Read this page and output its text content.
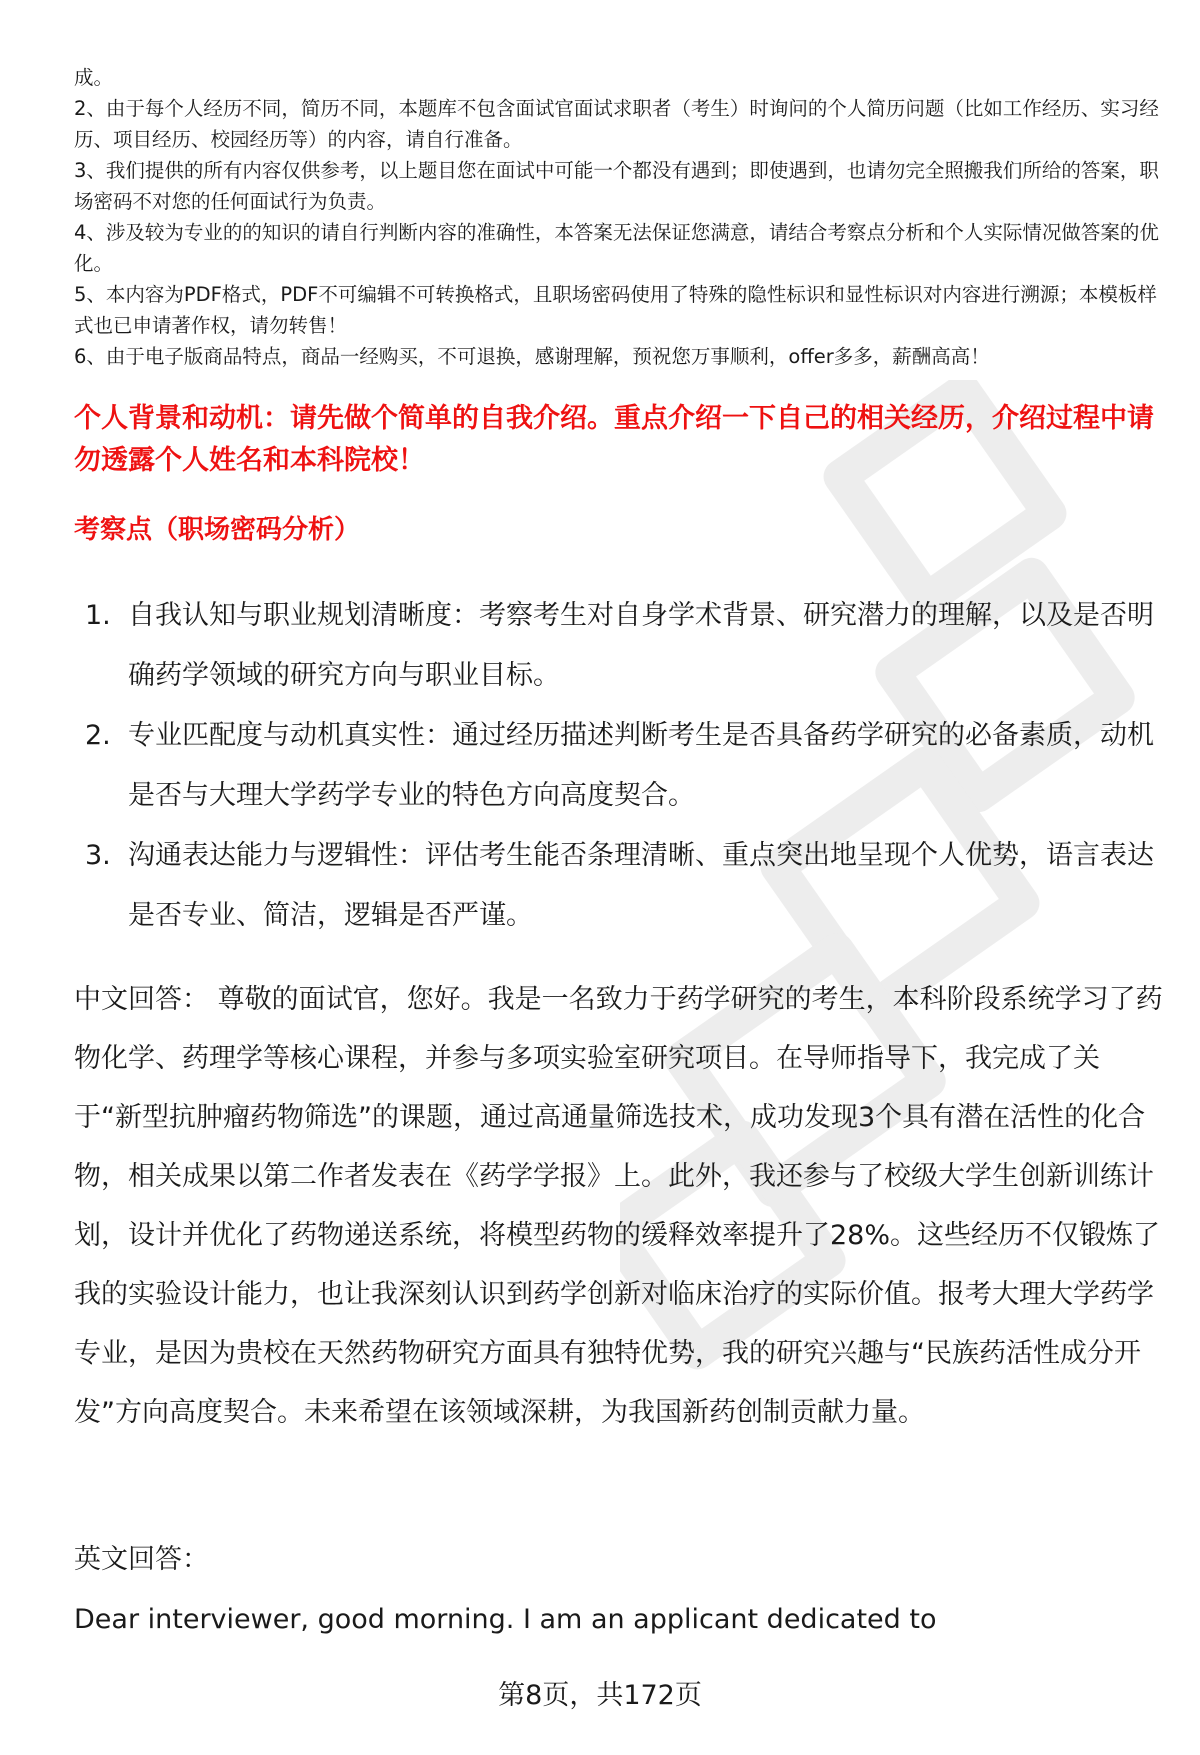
成。

2、由于每个人经历不同，简历不同，本题库不包含面试官面试求职者（考生）时询问的个人简历问题（比如工作经历、实习经历、项目经历、校园经历等）的内容，请自行准备。

3、我们提供的所有内容仅供参考，以上题目您在面试中可能一个都没有遇到；即使遇到，也请勿完全照搬我们所给的答案，职场密码不对您的任何面试行为负责。

4、涉及较为专业的的知识的请自行判断内容的准确性，本答案无法保证您满意，请结合考察点分析和个人实际情况做答案的优化。

5、本内容为PDF格式，PDF不可编辑不可转换格式，且职场密码使用了特殊的隐性标识和显性标识对内容进行溯源；本模板样式也已申请著作权，请勿转售！

6、由于电子版商品特点，商品一经购买，不可退换，感谢理解，预祝您万事顺利，offer多多，薪酬高高！

个人背景和动机：请先做个简单的自我介绍。重点介绍一下自己的相关经历，介绍过程中请勿透露个人姓名和本科院校！

考察点（职场密码分析）

1. 自我认知与职业规划清晰度：考察考生对自身学术背景、研究潜力的理解，以及是否明确药学领域的研究方向与职业目标。
2. 专业匹配度与动机真实性：通过经历描述判断考生是否具备药学研究的必备素质，动机是否与大理大学药学专业的特色方向高度契合。
3. 沟通表达能力与逻辑性：评估考生能否条理清晰、重点突出地呈现个人优势，语言表达是否专业、简洁，逻辑是否严谨。

中文回答： 尊敬的面试官，您好。我是一名致力于药学研究的考生，本科阶段系统学习了药物化学、药理学等核心课程，并参与多项实验室研究项目。在导师指导下，我完成了关于“新型抗肿瘤药物筛选”的课题，通过高通量筛选技术，成功发现3个具有潜在活性的化合物，相关成果以第二作者发表在《药学学报》上。此外，我还参与了校级大学生创新训练计划，设计并优化了药物递送系统，将模型药物的缓释效率提升了28%。这些经历不仅锻炼了我的实验设计能力，也让我深刻认识到药学创新对临床治疗的实际价值。报考大理大学药学专业，是因为贵校在天然药物研究方面具有独特优势，我的研究兴趣与“民族药活性成分开发”方向高度契合。未来希望在该领域深耕，为我国新药创制贡献力量。

英文回答：

Dear interviewer, good morning. I am an applicant dedicated to

第8页，共172页
